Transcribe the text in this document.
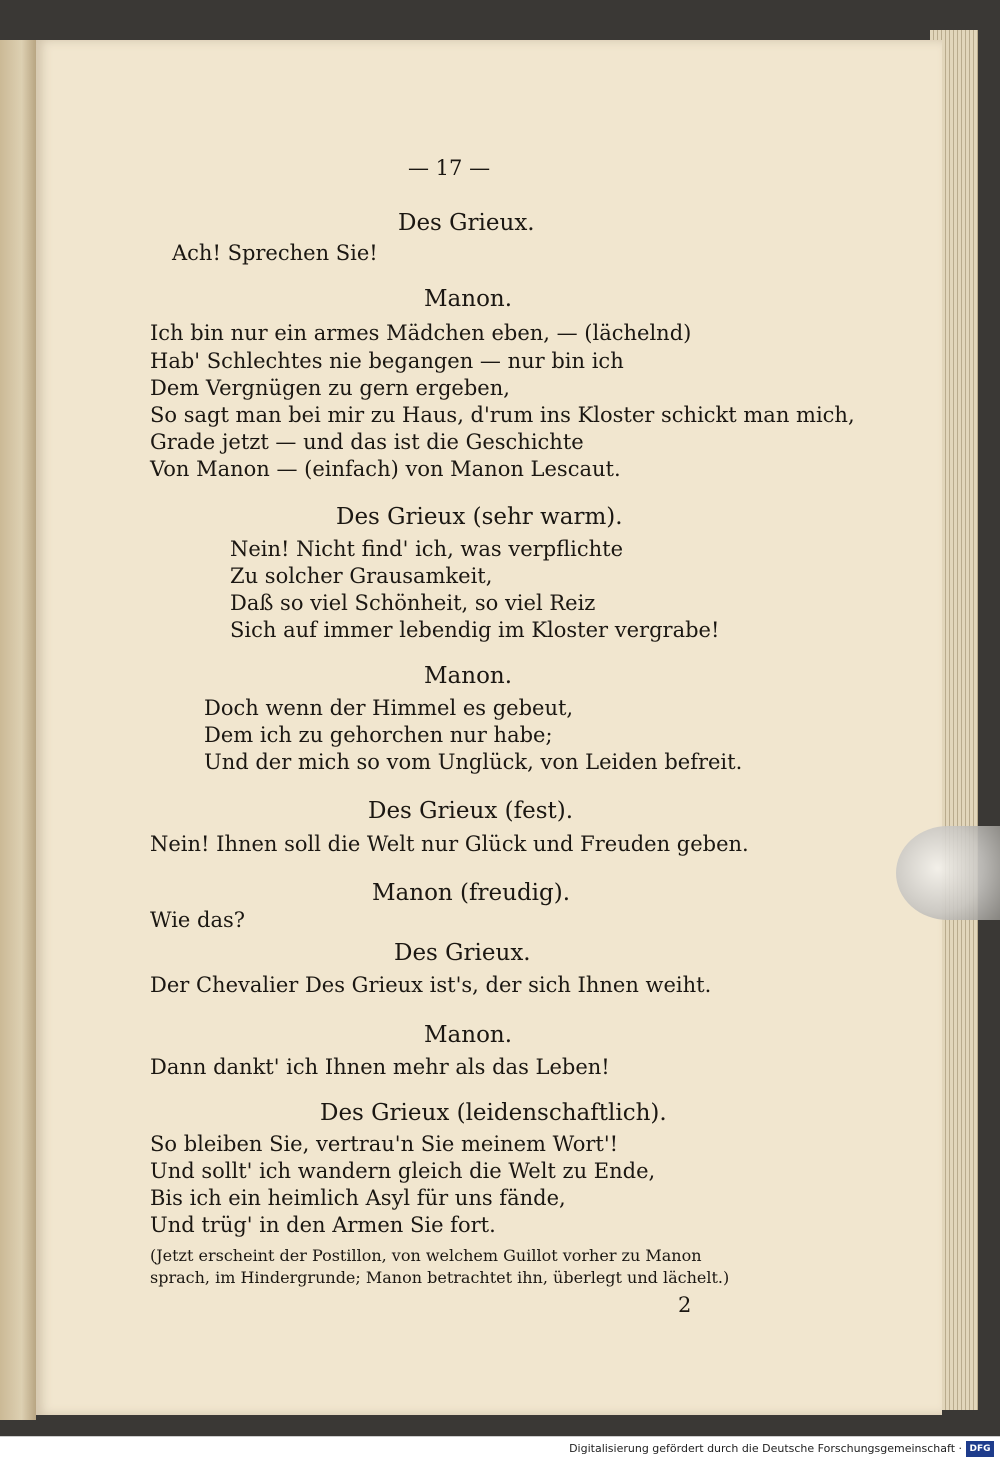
— 17 —
Des Grieux.
Ach! Sprechen Sie!
Manon.
Ich bin nur ein armes Mädchen eben, — (lächelnd)
Hab' Schlechtes nie begangen — nur bin ich
Dem Vergnügen zu gern ergeben,
So sagt man bei mir zu Haus, d'rum ins Kloster schickt man mich,
Grade jetzt — und das ist die Geschichte
Von Manon — (einfach) von Manon Lescaut.
Des Grieux (sehr warm).
Nein! Nicht find' ich, was verpflichte
Zu solcher Grausamkeit,
Daß so viel Schönheit, so viel Reiz
Sich auf immer lebendig im Kloster vergrabe!
Manon.
Doch wenn der Himmel es gebeut,
Dem ich zu gehorchen nur habe;
Und der mich so vom Unglück, von Leiden befreit.
Des Grieux (fest).
Nein! Ihnen soll die Welt nur Glück und Freuden geben.
Manon (freudig).
Wie das?
Des Grieux.
Der Chevalier Des Grieux ist's, der sich Ihnen weiht.
Manon.
Dann dankt' ich Ihnen mehr als das Leben!
Des Grieux (leidenschaftlich).
So bleiben Sie, vertrau'n Sie meinem Wort'!
Und sollt' ich wandern gleich die Welt zu Ende,
Bis ich ein heimlich Asyl für uns fände,
Und trüg' in den Armen Sie fort.
(Jetzt erscheint der Postillon, von welchem Guillot vorher zu Manon
sprach, im Hindergrunde; Manon betrachtet ihn, überlegt und lächelt.)
2
Digitalisierung gefördert durch die Deutsche Forschungsgemeinschaft · DFG
